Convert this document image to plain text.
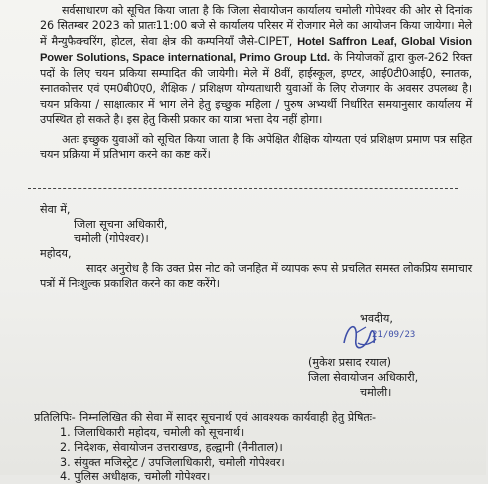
सर्वसाधारण को सूचित किया जाता है कि जिला सेवायोजन कार्यालय चमोली गोपेश्वर की ओर से दिनांक 26 सितम्बर 2023 को प्रातः11:00 बजे से कार्यालय परिसर में रोजगार मेले का आयोजन किया जायेगा। मेले में मैन्युफैक्चरिंग, होटल, सेवा क्षेत्र की कम्पनियाँ जैसे-CIPET, Hotel Saffron Leaf, Global Vision Power Solutions, Space international, Primo Group Ltd. के नियोजकों द्वारा कुल-262 रिक्त पदों के लिए चयन प्रकिया सम्पादित की जायेगी। मेले में 8वीं, हाईस्कूल, इण्टर, आई0टी0आई0, स्नातक, स्नातकोत्तर एवं एम0बी0ए0, शैक्षिक / प्रशिक्षण योग्यताधारी युवाओं के लिए रोजगार के अवसर उपलब्ध है। चयन प्रकिया / साक्षात्कार में भाग लेने हेतु इच्छुक महिला / पुरुष अभ्यर्थी निर्धारित समयानुसार कार्यालय में उपस्थित हो सकते है। इस हेतु किसी प्रकार का यात्रा भत्ता देय नहीं होगा।
अतः इच्छुक युवाओं को सूचित किया जाता है कि अपेक्षित शैक्षिक योग्यता एवं प्रशिक्षण प्रमाण पत्र सहित चयन प्रक्रिया में प्रतिभाग करने का कष्ट करें।
सेवा में,
जिला सूचना अधिकारी,
चमोली (गोपेश्वर)।
महोदय,
सादर अनुरोध है कि उक्त प्रेस नोट को जनहित में व्यापक रूप से प्रचलित समस्त लोकप्रिय समाचार पत्रों में निःशुल्क प्रकाशित करने का कष्ट करेंगे।
भवदीय,
21/09/23
(मुकेश प्रसाद रयाल)
जिला सेवायोजन अधिकारी,
चमोली।
प्रतिलिपिः- निम्नलिखित की सेवा में सादर सूचनार्थ एवं आवश्यक कार्यवाही हेतु प्रेषितः-
1. जिलाधिकारी महोदय, चमोली को सूचनार्थ।
2. निदेशक, सेवायोजन उत्तराखण्ड, हल्द्वानी (नैनीताल)।
3. संयुक्त मजिस्ट्रेट / उपजिलाधिकारी, चमोली गोपेश्वर।
4. पुलिस अधीक्षक, चमोली गोपेश्वर।
